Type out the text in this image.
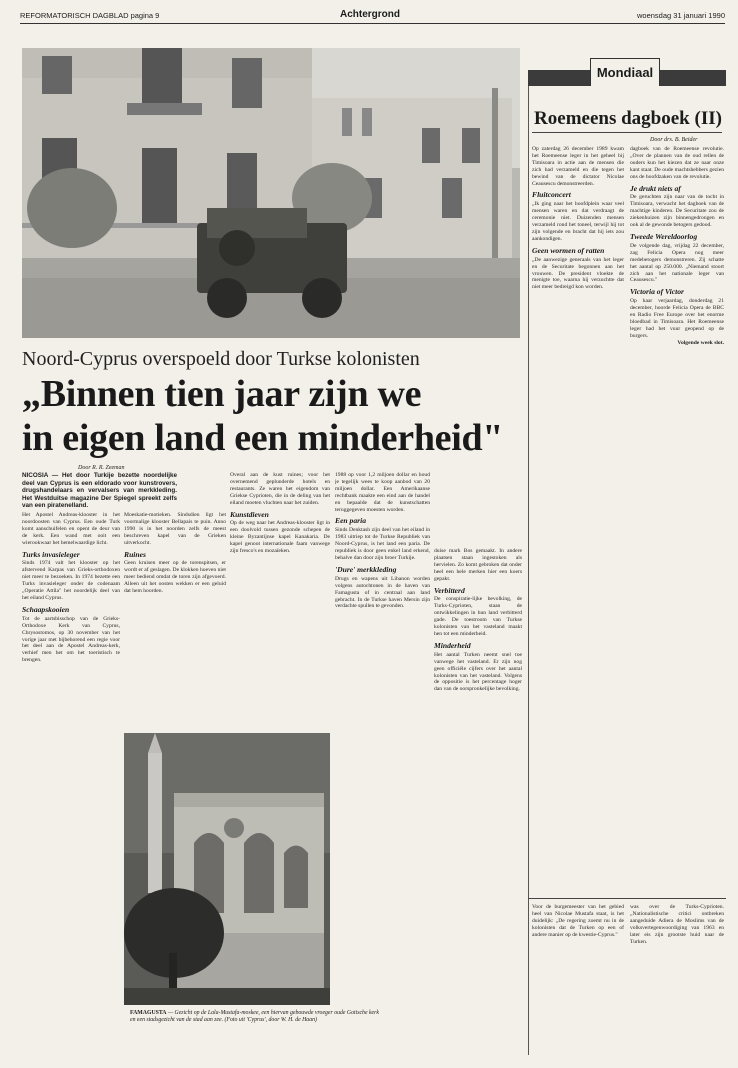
REFORMATORISCH DAGBLAD pagina 9	Achtergrond	woensdag 31 januari 1990
Noord-Cyprus overspoeld door Turkse kolonisten
„Binnen tien jaar zijn we
in eigen land een minderheid"
Door R. R. Zeeman
NICOSIA — Het door Turkije bezette noordelijke deel van Cyprus is een eldorado voor kunstrovers, drugshandelaars en vervalsers van merkkleding. Het Westduitse magazine Der Spiegel spreekt zelfs van een piratenelland.

Het Apostel Andreas-klooster in het noordoosten van Cyprus. Een oude Turk komt aanschuifelen en opent de deur van de kerk. Een wand met ooit een wierookwaar het hemelwaardige licht.

Turks invasieleger

Sinds 1974 valt het klooster op het afstervend Karpas van Grieks-orthodoxen niet meer te bezoeken. In 1974 bezette een Turks invasieleger onder de codenaam „Operatie Attila" het noordelijk deel van het eiland Cyprus.

Schaapskooien

Tot de aartsbisschop van de Grieks-Orthodoxe Kerk van Cyprus, Chrysostomos, op 30 november van het vorige jaar met bijbehorend een regie voor het deel aan de Apostel Andreas-kerk, verhief men het om het toeristisch te brengen.

Moeskatie-motieken. Sindsdien ligt het voormalige klooster Bellapais te puin. Anno 1990 is in het noorden zelfs de meest beschreven kapel van de Grieken uitverkocht.

Ruines

Geen kruisen meer op de torenspitsen, er wordt er af geslagen. De klokken hoeven niet meer bediend omdat de toren zijn afgevoerd. Alleen uit het oosten wekken er een geluid dat hem hoorden.

Overal aan de kust ruines; voor het overnemend geplunderde hotels en restaurants. Ze waren het eigendom van Griekse Cyprioten, die in de deling van het eiland moeten vluchten naar het zuiden.

Kunstdieven

Op de weg naar het Andreas-klooster ligt in een doolvold tussen gezonde schepen de kleine Byzantijnse kapel Kanakaria. De kapel genoot internationale faam vanwege zijn fresco's en mozaïeken.

1988 op voor 1,2 miljoen dollar en houd je tegelijk wees te koop aanbod van 20 miljoen dollar. Een Amerikaanse rechtbank maakte een eind aan de handel en bepaalde dat de kunstschatten teruggegeven moesten worden.

Een paria

Sinds Denktash zijn deel van het eiland in 1983 uitriep tot de Turkse Republiek van Noord-Cyprus, is het land een paria. De republiek is door geen enkel land erkend, behalve dan door zijn broer Turkije.

'Dure' merkkleding

Drugs en wapens uit Libanon worden volgens autochtonen in de haven van Famagusta of in centraal aan land gebracht. In de Turkse haven Mersin zijn verdachte spullen te gevonden.

duise mark Bos gemaakt. In andere plaatsen staan ingestoken als hervielen. Zo komt gebroken dat onder heel een hele merken hier een koers gepakt.

Verbitterd

De conspiratie-lijke bevolking, de Turks-Cyprioten, staan de ontwikkelingen in hun land verbitterd gade. De toestroom van Turkse kolonisten van het vasteland maakt hen tot een minderheid.

Minderheid

Het aantal Turken neemt snel toe vanwege het vasteland. Er zijn nog geen officiële cijfers over het aantal kolonisten van het vasteland. Volgens de oppositie is het percentage hoger dan van de oorspronkelijke bevolking.

FAMAGUSTA — Gezicht op de Lala-Mustafa-moskee, een hiervan gebouwde vroeger oude Gotische kerk en een stadsgezicht van de stad aan zee. (Foto uit 'Cyprus', door W. H. de Haan)
Mondiaal
Roemeens dagboek (II)
Door drs. B. Beider

Op zaterdag 26 december 1989 kwam het Roemeense leger in het geheel bij Timisoara in actie aan de mensen die zich had verzameld en die tegen het bewind van de dictator Nicolae Ceausescu demonstreerden.

Fluitconcert

„Ik ging naar het hoofdplein waar veel mensen waren en dat verdraagt de ceremonie niet. Duizenden mensen verzameld rond het toneel, terwijl hij tot zijn volgende en bracht dat hij iets zou aankondigen.

Geen wormen of ratten

„De aanwezige generaals van het leger en de Securitate begonnen aan het vrouwen. De president vloekte de menigte toe, waarna hij verzuchtte dat niet meer bedreigd kon worden.

dagboek van de Roemeense revolutie. „Over de plannen van de oud rellen de ouders kun het kiezen dat ze naar onze kant staat. De oude machtshebbers gezien ons de hoofdzaken van de revolutie.

Je drukt niets af

De geruchten zijn naar van de tocht in Timisoara, verwacht het dagboek van de machtige kinderen. De Securitate zou de ziekenhuizen zijn binnengedrongen en ook al de gewonde betogers gedood.

Tweede Wereldoorlog

De volgende dag, vrijdag 22 december, zag Felicia Opera nog meer medebetogers demonstreren. Zij schatte het aantal op 250.000. „Niemand stoort zich aan het nationale leger van Ceausescu."

Victoria of Victor

Op haar verjaardag, donderdag 21 december, hoorde Felicia Opera de BBC en Radio Free Europe over het enorme bloedbad in Timisoara. Het Roemeense leger had het vuur geopend op de burgers.

Volgende week slot.

Voor de burgemeester van het gebied heel van Nicolae Mustafa staat, is het duidelijk: „De regering zoemt nu in de kolonisten dat de Turken op een of andere manier op de kwestie-Cyprus."

was over de Turks-Cyprioten. „Nationalistische critici ontbreken aangeduide Adiera de Moslims van de volksvertegenwoordiging van 1963 en later eis zijn grootste huid naar de Turken.
